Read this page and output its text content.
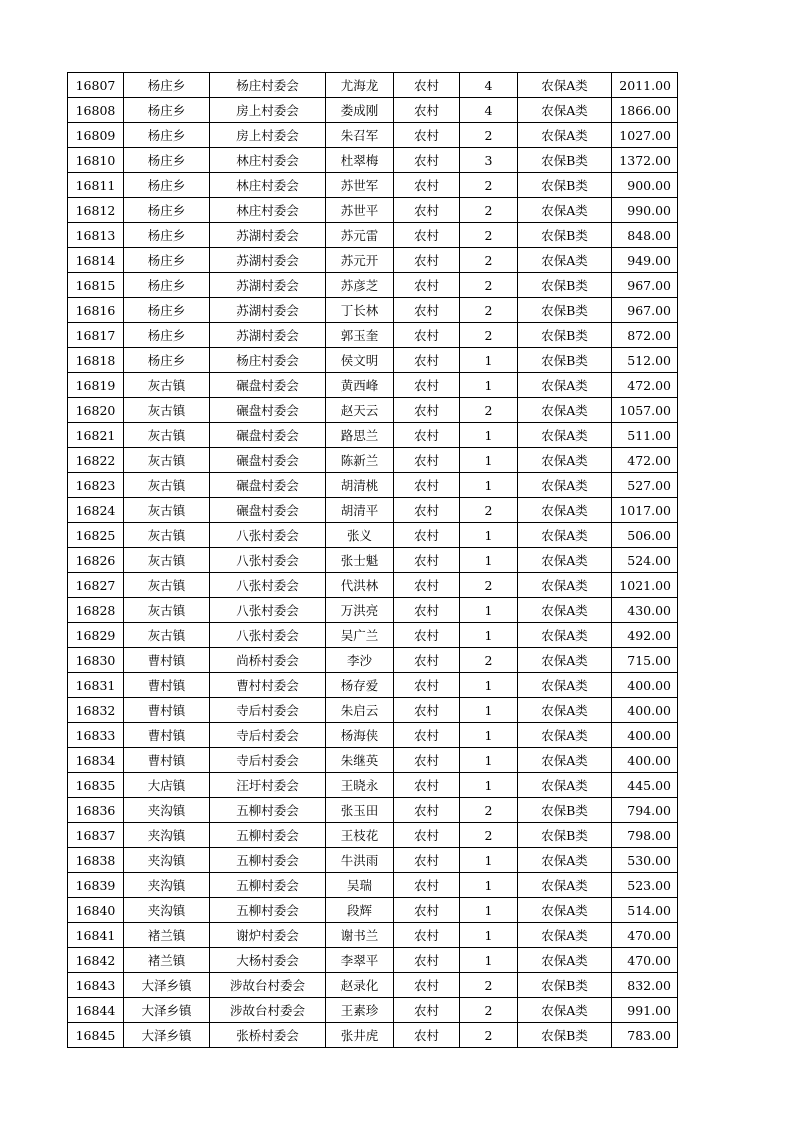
16807	杨庄乡	杨庄村委会	尤海龙	农村	4	农保A类	2011.00
16808	杨庄乡	房上村委会	娄成刚	农村	4	农保A类	1866.00
16809	杨庄乡	房上村委会	朱召军	农村	2	农保A类	1027.00
16810	杨庄乡	林庄村委会	杜翠梅	农村	3	农保B类	1372.00
16811	杨庄乡	林庄村委会	苏世军	农村	2	农保B类	900.00
16812	杨庄乡	林庄村委会	苏世平	农村	2	农保A类	990.00
16813	杨庄乡	苏湖村委会	苏元雷	农村	2	农保B类	848.00
16814	杨庄乡	苏湖村委会	苏元开	农村	2	农保A类	949.00
16815	杨庄乡	苏湖村委会	苏彦芝	农村	2	农保B类	967.00
16816	杨庄乡	苏湖村委会	丁长林	农村	2	农保B类	967.00
16817	杨庄乡	苏湖村委会	郭玉奎	农村	2	农保B类	872.00
16818	杨庄乡	杨庄村委会	侯文明	农村	1	农保B类	512.00
16819	灰古镇	碾盘村委会	黄西峰	农村	1	农保A类	472.00
16820	灰古镇	碾盘村委会	赵天云	农村	2	农保A类	1057.00
16821	灰古镇	碾盘村委会	路思兰	农村	1	农保A类	511.00
16822	灰古镇	碾盘村委会	陈新兰	农村	1	农保A类	472.00
16823	灰古镇	碾盘村委会	胡清桃	农村	1	农保A类	527.00
16824	灰古镇	碾盘村委会	胡清平	农村	2	农保A类	1017.00
16825	灰古镇	八张村委会	张义	农村	1	农保A类	506.00
16826	灰古镇	八张村委会	张士魁	农村	1	农保A类	524.00
16827	灰古镇	八张村委会	代洪林	农村	2	农保A类	1021.00
16828	灰古镇	八张村委会	万洪亮	农村	1	农保A类	430.00
16829	灰古镇	八张村委会	吴广兰	农村	1	农保A类	492.00
16830	曹村镇	尚桥村委会	李沙	农村	2	农保A类	715.00
16831	曹村镇	曹村村委会	杨存爱	农村	1	农保A类	400.00
16832	曹村镇	寺后村委会	朱启云	农村	1	农保A类	400.00
16833	曹村镇	寺后村委会	杨海侠	农村	1	农保A类	400.00
16834	曹村镇	寺后村委会	朱继英	农村	1	农保A类	400.00
16835	大店镇	汪圩村委会	王晓永	农村	1	农保A类	445.00
16836	夹沟镇	五柳村委会	张玉田	农村	2	农保B类	794.00
16837	夹沟镇	五柳村委会	王枝花	农村	2	农保B类	798.00
16838	夹沟镇	五柳村委会	牛洪雨	农村	1	农保A类	530.00
16839	夹沟镇	五柳村委会	吴瑞	农村	1	农保A类	523.00
16840	夹沟镇	五柳村委会	段辉	农村	1	农保A类	514.00
16841	褚兰镇	谢炉村委会	谢书兰	农村	1	农保A类	470.00
16842	褚兰镇	大杨村委会	李翠平	农村	1	农保A类	470.00
16843	大泽乡镇	涉故台村委会	赵录化	农村	2	农保B类	832.00
16844	大泽乡镇	涉故台村委会	王素珍	农村	2	农保A类	991.00
16845	大泽乡镇	张桥村委会	张井虎	农村	2	农保B类	783.00
